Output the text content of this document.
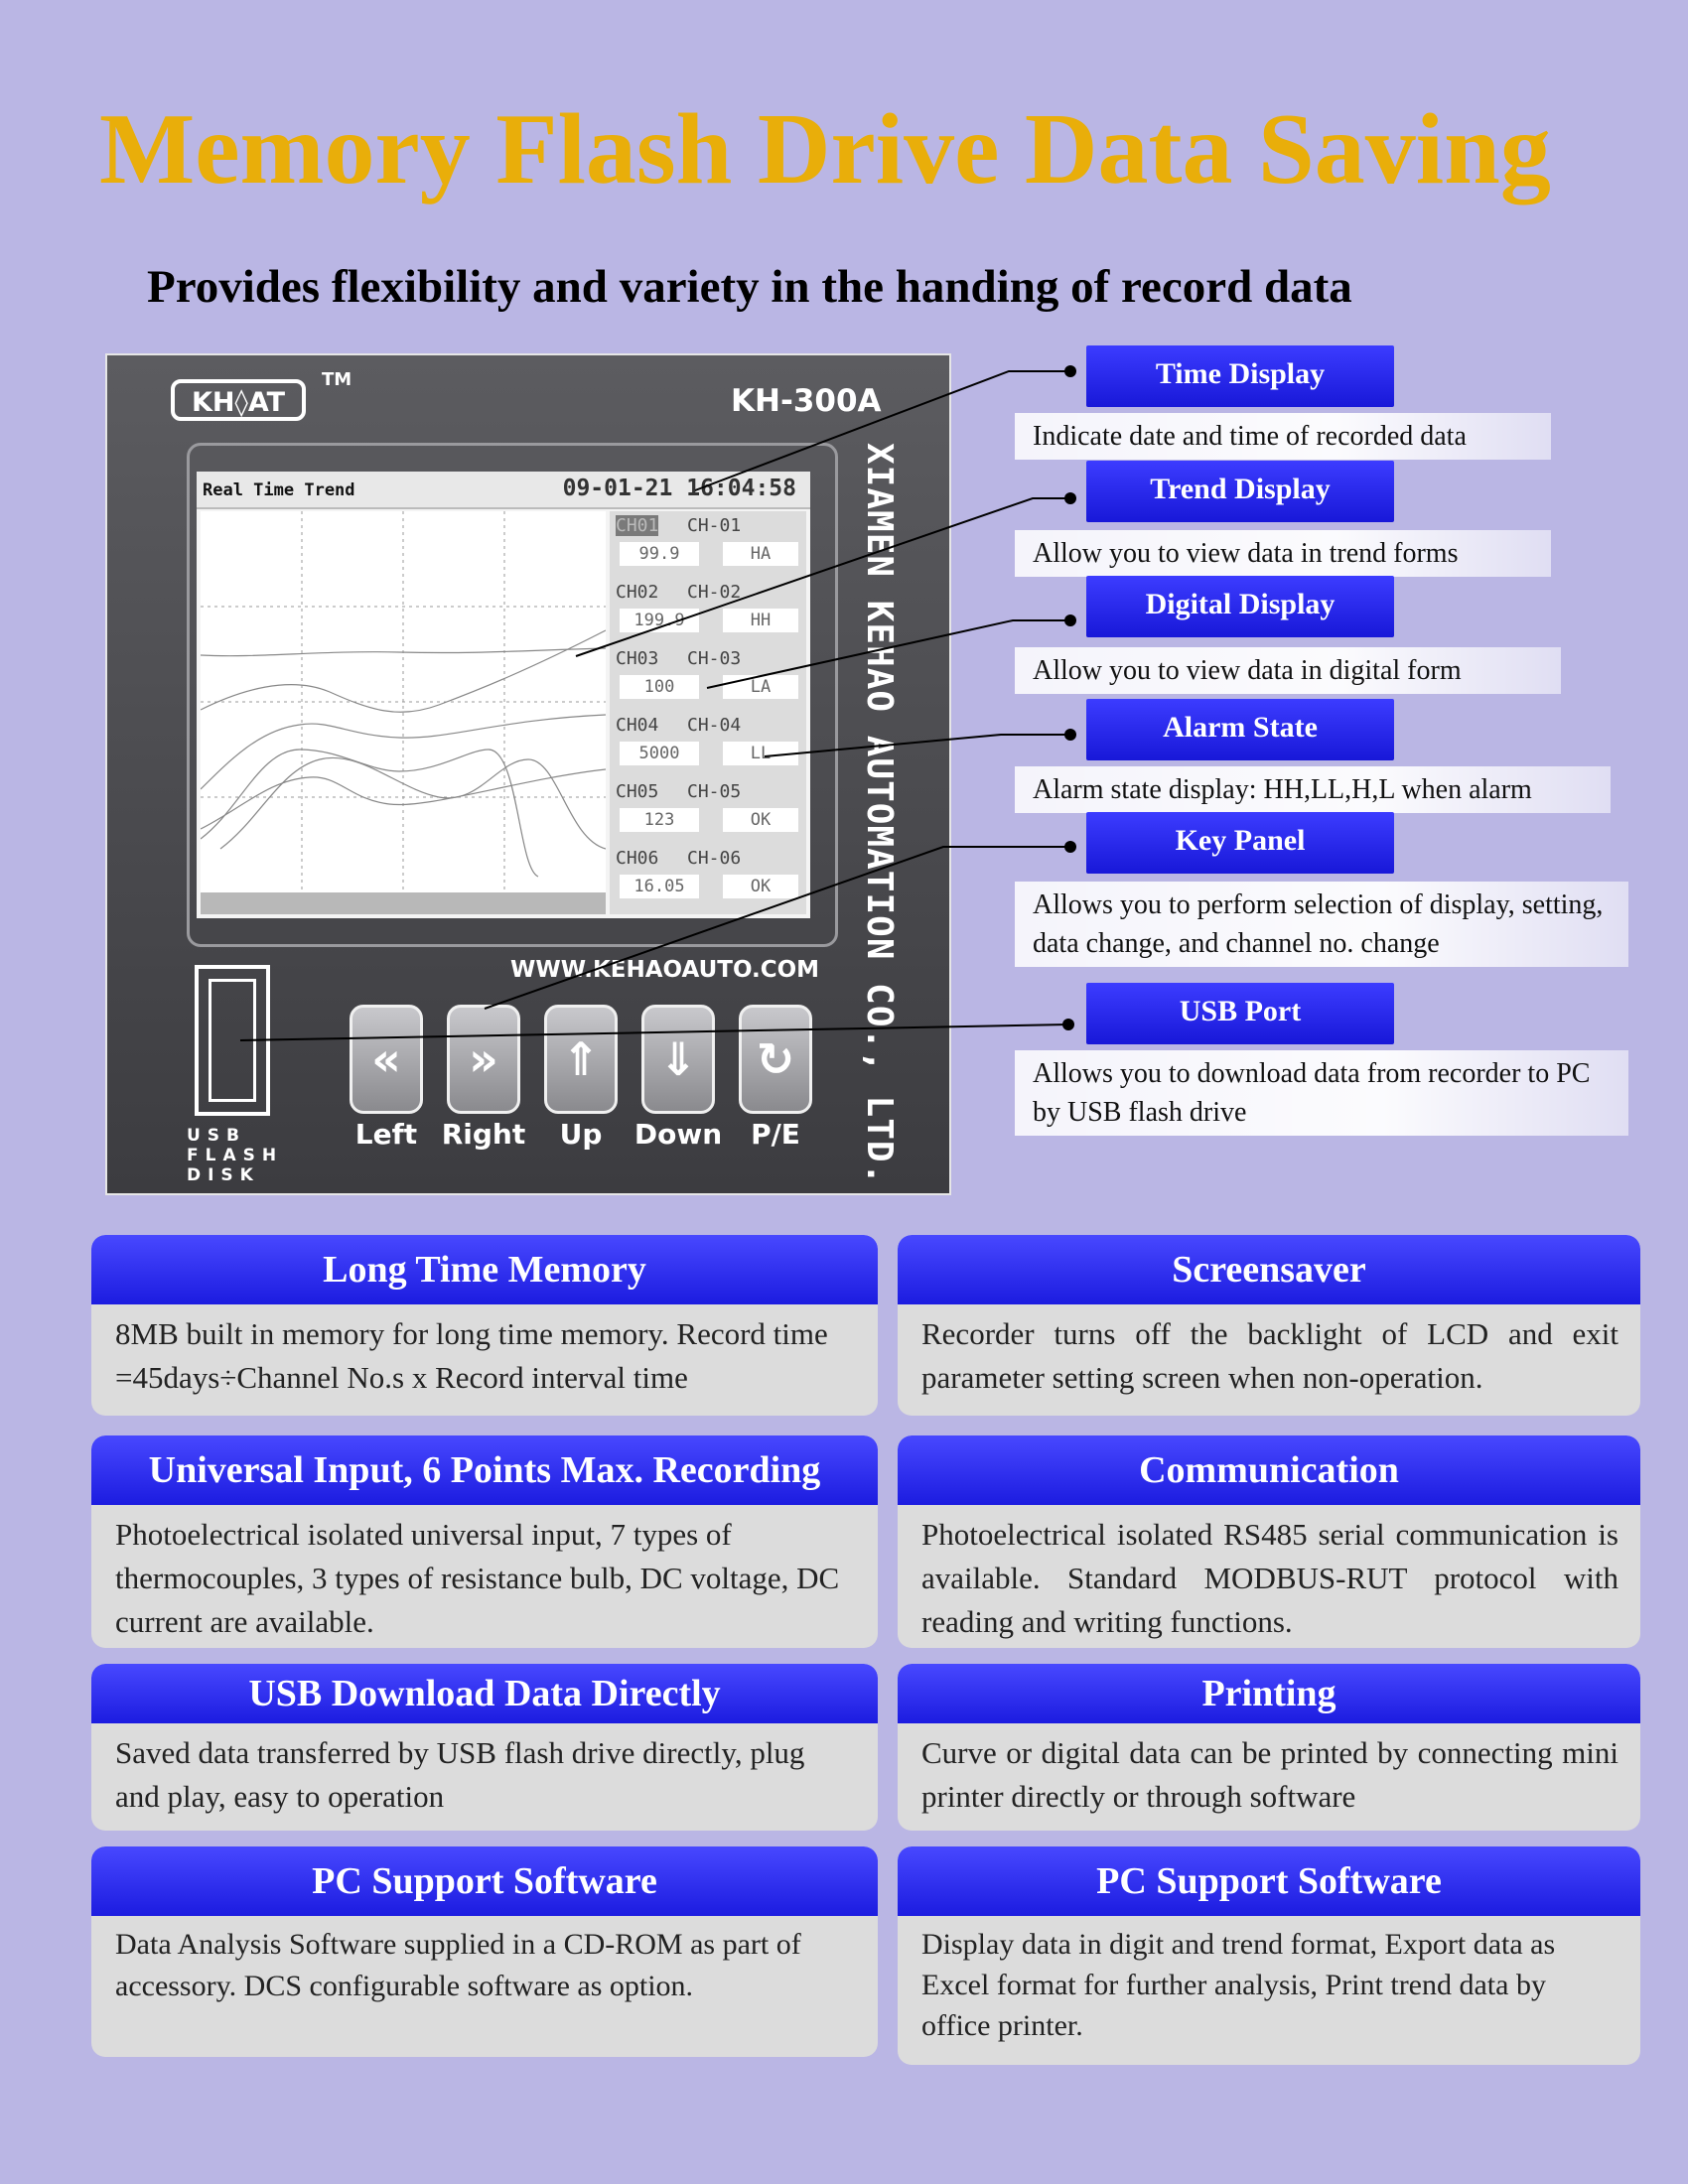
Memory Flash Drive Data Saving
Provides flexibility and variety in the handing of record data
KH◊AT
TM
KH-300A
Real Time Trend	09-01-21 16:04:58
CH01 CH-01
99.9	HA
CH02 CH-02
199.9	HH
CH03 CH-03
100	LA
CH04 CH-04
5000	LL
CH05 CH-05
123	OK
CH06 CH-06
16.05	OK	XIAMEN KEHAO AUTOMATION CO., LTD.
WWW.KEHAOAUTO.COM
USB FLASH DISK
«	»	⇑	⇓	↻
Left Right	Up	Down	P/E
Time Display
Indicate date and time of recorded data
Trend Display
Allow you to view data in trend forms
Digital Display
Allow you to view data in digital form
Alarm State
Alarm state display: HH,LL,H,L when alarm
Key Panel
Allows you to perform selection of display, setting, data change, and channel no. change
USB Port
Allows you to download data from recorder to PC by USB flash drive
Long Time Memory
8MB built in memory for long time memory. Record time =45days÷Channel No.s x Record interval time
Screensaver
Recorder turns off the backlight of LCD and exit parameter setting screen when non-operation.
Universal Input, 6 Points Max. Recording
Photoelectrical isolated universal input, 7 types of thermocouples, 3 types of resistance bulb, DC voltage, DC current are available.
Communication
Photoelectrical isolated RS485 serial communication is available. Standard MODBUS-RUT protocol with reading and writing functions.
USB Download Data Directly
Saved data transferred by USB flash drive directly, plug and play, easy to operation
Printing
Curve or digital data can be printed by connecting mini printer directly or through software
PC Support Software
Data Analysis Software supplied in a CD-ROM as part of accessory. DCS configurable software as option.
PC Support Software
Display data in digit and trend format, Export data as Excel format for further analysis, Print trend data by office printer.
